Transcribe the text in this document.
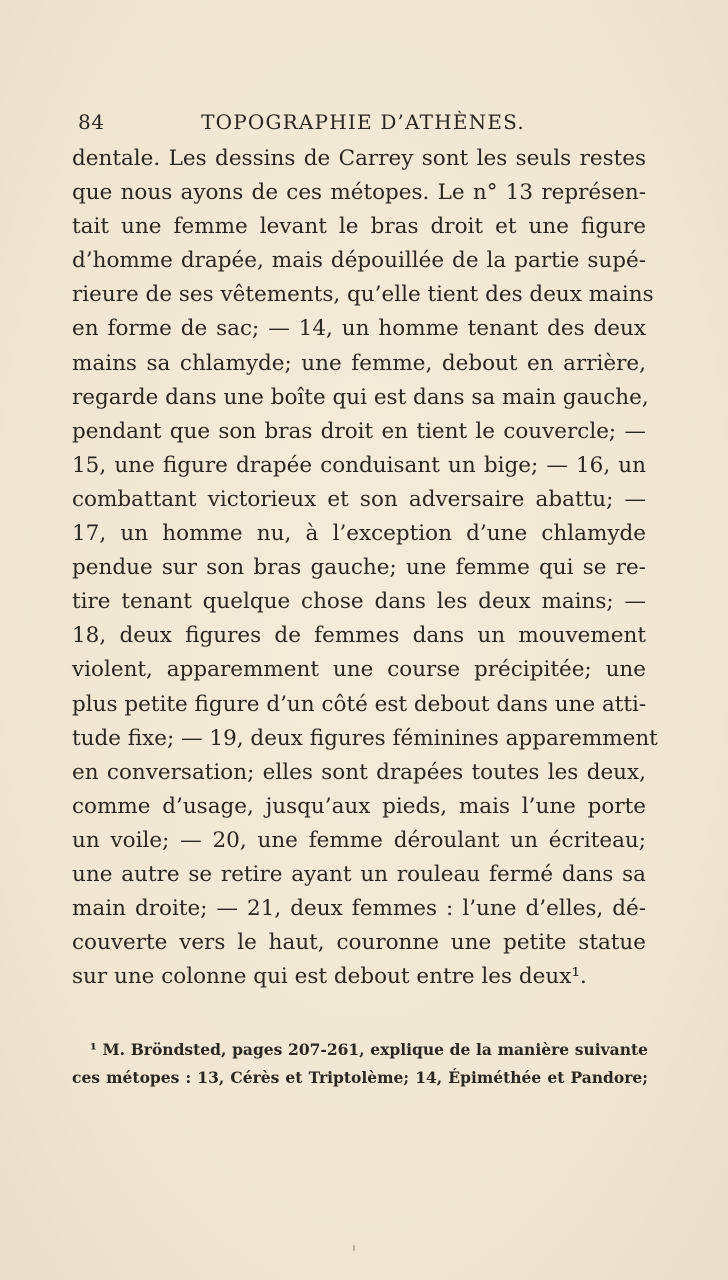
84	TOPOGRAPHIE D’ATHÈNES.
dentale. Les dessins de Carrey sont les seuls restes
que nous ayons de ces métopes. Le n° 13 représen-
tait une femme levant le bras droit et une figure
d’homme drapée, mais dépouillée de la partie supé-
rieure de ses vêtements, qu’elle tient des deux mains
en forme de sac; — 14, un homme tenant des deux
mains sa chlamyde; une femme, debout en arrière,
regarde dans une boîte qui est dans sa main gauche,
pendant que son bras droit en tient le couvercle; —
15, une figure drapée conduisant un bige; — 16, un
combattant victorieux et son adversaire abattu; —
17, un homme nu, à l’exception d’une chlamyde
pendue sur son bras gauche; une femme qui se re-
tire tenant quelque chose dans les deux mains; —
18, deux figures de femmes dans un mouvement
violent, apparemment une course précipitée; une
plus petite figure d’un côté est debout dans une atti-
tude fixe; — 19, deux figures féminines apparemment
en conversation; elles sont drapées toutes les deux,
comme d’usage, jusqu’aux pieds, mais l’une porte
un voile; — 20, une femme déroulant un écriteau;
une autre se retire ayant un rouleau fermé dans sa
main droite; — 21, deux femmes : l’une d’elles, dé-
couverte vers le haut, couronne une petite statue
sur une colonne qui est debout entre les deux¹.
¹ M. Bröndsted, pages 207-261, explique de la manière suivante
ces métopes : 13, Cérès et Triptolème; 14, Épiméthée et Pandore;
